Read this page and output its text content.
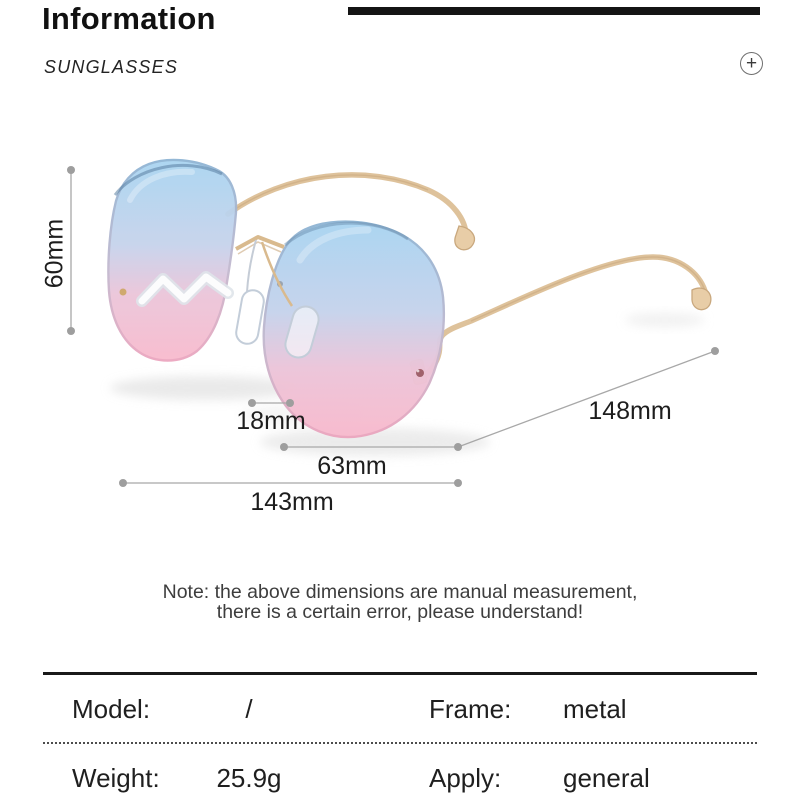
Information
SUNGLASSES	+
60mm
18mm
63mm
143mm
148mm
Note: the above dimensions are manual measurement,
there is a certain error, please understand!
Model:	/	Frame: metal
Weight:	25.9g	Apply: general
